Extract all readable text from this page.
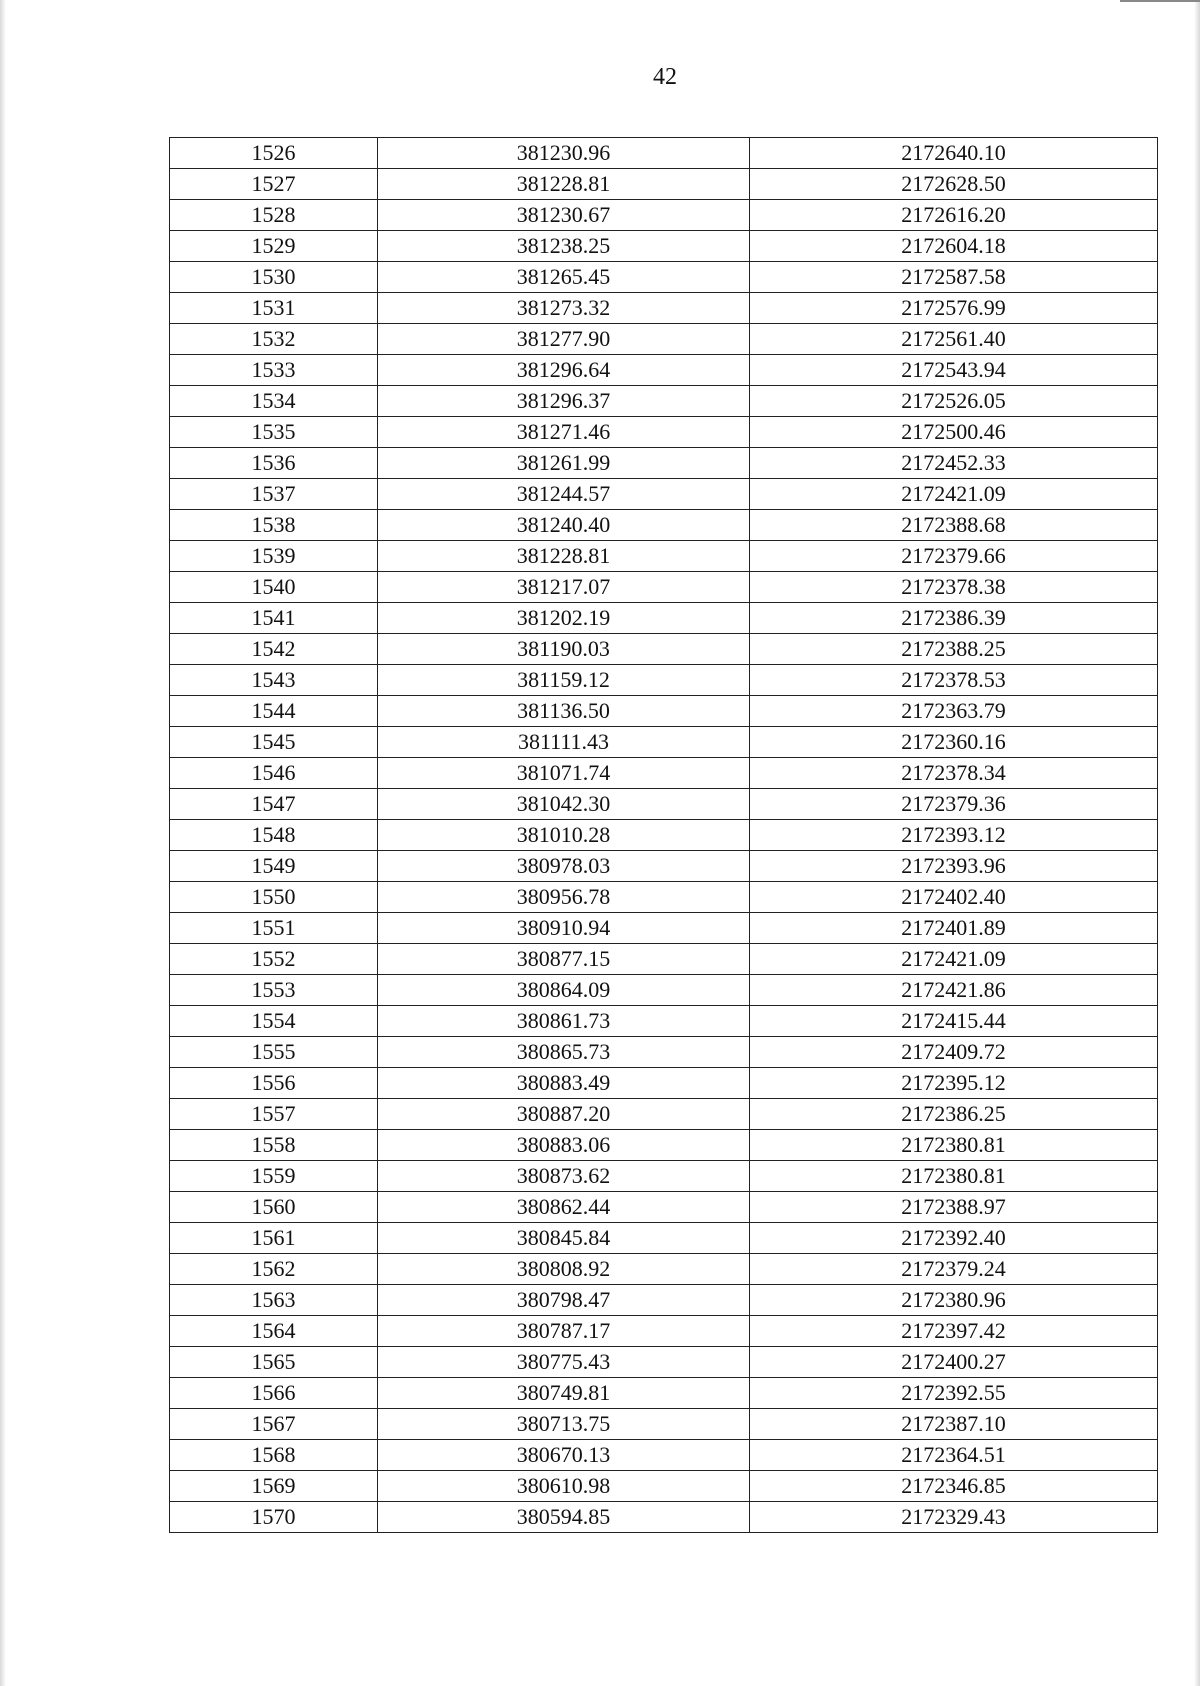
42
1526	381230.96	2172640.10
1527	381228.81	2172628.50
1528	381230.67	2172616.20
1529	381238.25	2172604.18
1530	381265.45	2172587.58
1531	381273.32	2172576.99
1532	381277.90	2172561.40
1533	381296.64	2172543.94
1534	381296.37	2172526.05
1535	381271.46	2172500.46
1536	381261.99	2172452.33
1537	381244.57	2172421.09
1538	381240.40	2172388.68
1539	381228.81	2172379.66
1540	381217.07	2172378.38
1541	381202.19	2172386.39
1542	381190.03	2172388.25
1543	381159.12	2172378.53
1544	381136.50	2172363.79
1545	381111.43	2172360.16
1546	381071.74	2172378.34
1547	381042.30	2172379.36
1548	381010.28	2172393.12
1549	380978.03	2172393.96
1550	380956.78	2172402.40
1551	380910.94	2172401.89
1552	380877.15	2172421.09
1553	380864.09	2172421.86
1554	380861.73	2172415.44
1555	380865.73	2172409.72
1556	380883.49	2172395.12
1557	380887.20	2172386.25
1558	380883.06	2172380.81
1559	380873.62	2172380.81
1560	380862.44	2172388.97
1561	380845.84	2172392.40
1562	380808.92	2172379.24
1563	380798.47	2172380.96
1564	380787.17	2172397.42
1565	380775.43	2172400.27
1566	380749.81	2172392.55
1567	380713.75	2172387.10
1568	380670.13	2172364.51
1569	380610.98	2172346.85
1570	380594.85	2172329.43
